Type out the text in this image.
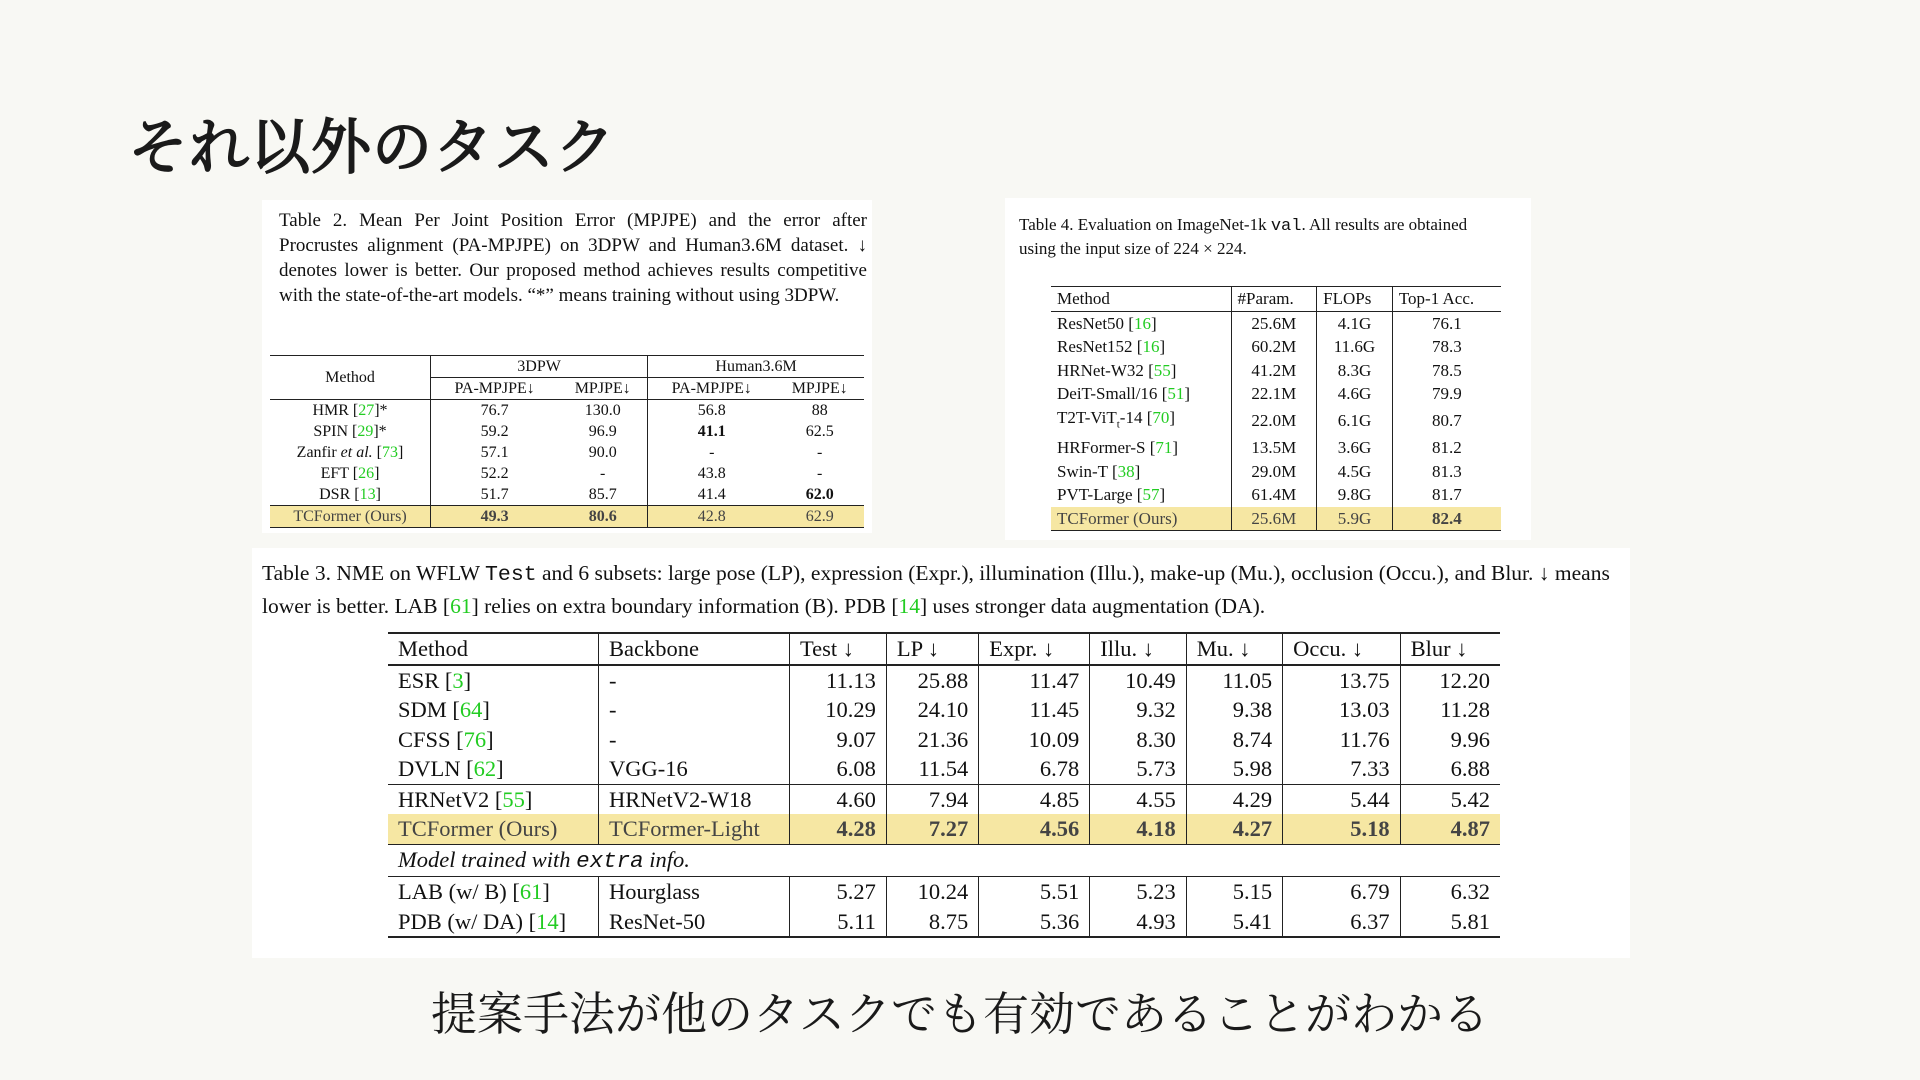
それ以外のタスク
Table 2. Mean Per Joint Position Error (MPJPE) and the error after Procrustes alignment (PA-MPJPE) on 3DPW and Human3.6M dataset. ↓ denotes lower is better. Our proposed method achieves results competitive with the state-of-the-art models. “*” means training without using 3DPW.
Method	3DPW		Human3.6M	
	PA-MPJPE↓	MPJPE↓	PA-MPJPE↓	MPJPE↓
HMR [27]*	76.7	130.0	56.8	88
SPIN [29]*	59.2	96.9	41.1	62.5
Zanfir et al. [73]	57.1	90.0	-	-
EFT [26]	52.2	-	43.8	-
DSR [13]	51.7	85.7	41.4	62.0
TCFormer (Ours)	49.3	80.6	42.8	62.9
Table 4. Evaluation on ImageNet-1k val. All results are obtained
using the input size of 224 × 224.
Method	#Param.	FLOPs	Top-1 Acc.
ResNet50 [16]	25.6M	4.1G	76.1
ResNet152 [16]	60.2M	11.6G	78.3
HRNet-W32 [55]	41.2M	8.3G	78.5
DeiT-Small/16 [51]	22.1M	4.6G	79.9
T2T-ViT$_t$-14 [70]	22.0M	6.1G	80.7
HRFormer-S [71]	13.5M	3.6G	81.2
Swin-T [38]	29.0M	4.5G	81.3
PVT-Large [57]	61.4M	9.8G	81.7
TCFormer (Ours)	25.6M	5.9G	82.4
Table 3. NME on WFLW Test and 6 subsets: large pose (LP), expression (Expr.), illumination (Illu.), make-up (Mu.), occlusion (Occu.), and Blur. ↓ means lower is better. LAB [61] relies on extra boundary information (B). PDB [14] uses stronger data augmentation (DA).
Method	Backbone	Test ↓	LP ↓	Expr. ↓	Illu. ↓	Mu. ↓	Occu. ↓	Blur ↓
ESR [3]	-	11.13	25.88	11.47	10.49	11.05	13.75	12.20
SDM [64]	-	10.29	24.10	11.45	9.32	9.38	13.03	11.28
CFSS [76]	-	9.07	21.36	10.09	8.30	8.74	11.76	9.96
DVLN [62]	VGG-16	6.08	11.54	6.78	5.73	5.98	7.33	6.88
HRNetV2 [55]	HRNetV2-W18	4.60	7.94	4.85	4.55	4.29	5.44	5.42
TCFormer (Ours)	TCFormer-Light	4.28	7.27	4.56	4.18	4.27	5.18	4.87
Model trained with extra info.								
LAB (w/ B) [61]	Hourglass	5.27	10.24	5.51	5.23	5.15	6.79	6.32
PDB (w/ DA) [14]	ResNet-50	5.11	8.75	5.36	4.93	5.41	6.37	5.81
提案手法が他のタスクでも有効であることがわかる
